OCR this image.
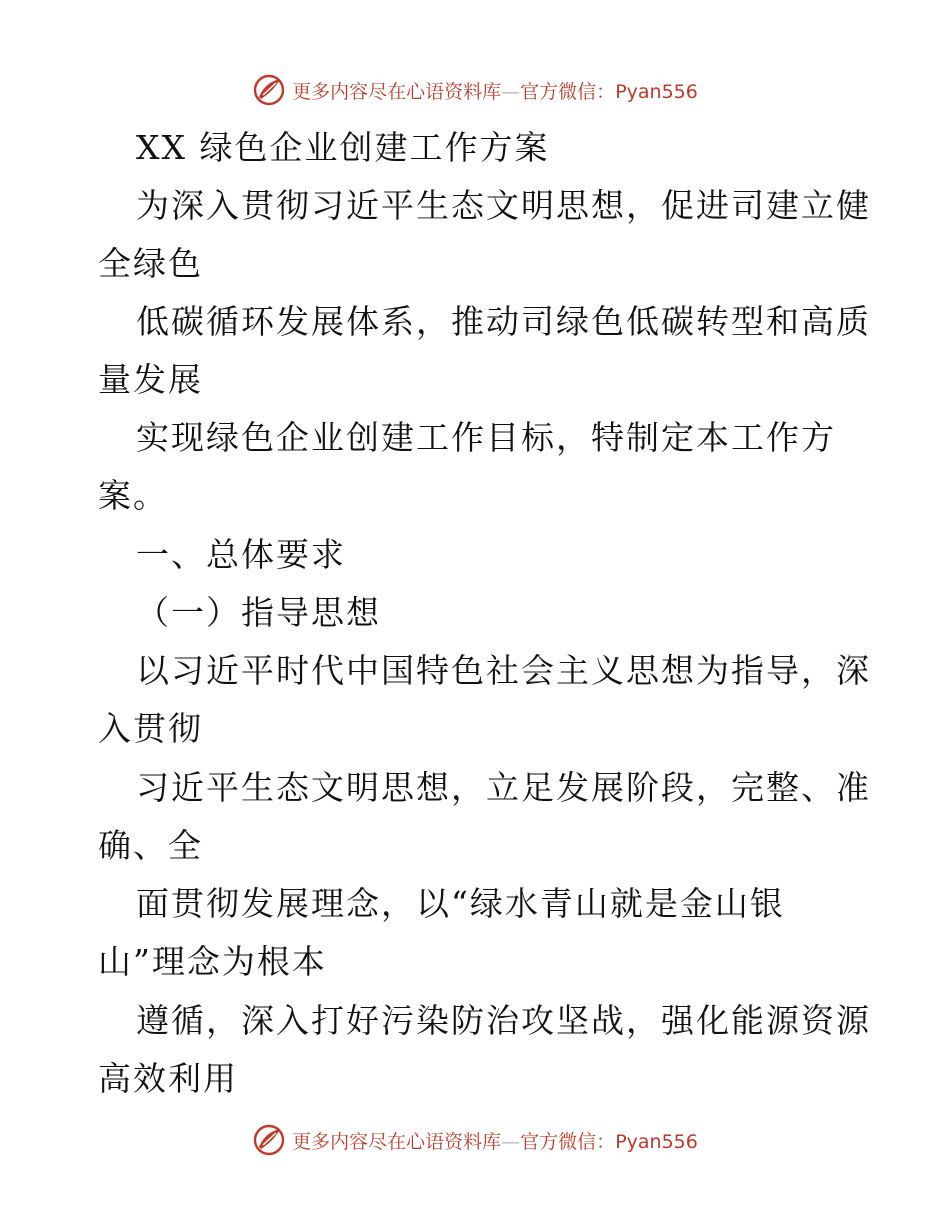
更多内容尽在心语资料库—官方微信：Pyan556
XX 绿色企业创建工作方案
为深入贯彻习近平生态文明思想，促进司建立健
全绿色
低碳循环发展体系，推动司绿色低碳转型和高质
量发展
实现绿色企业创建工作目标，特制定本工作方
案。
一、总体要求
（一）指导思想
以习近平时代中国特色社会主义思想为指导，深
入贯彻
习近平生态文明思想，立足发展阶段，完整、准
确、全
面贯彻发展理念，以“绿水青山就是金山银
山”理念为根本
遵循，深入打好污染防治攻坚战，强化能源资源
高效利用
更多内容尽在心语资料库—官方微信：Pyan556
